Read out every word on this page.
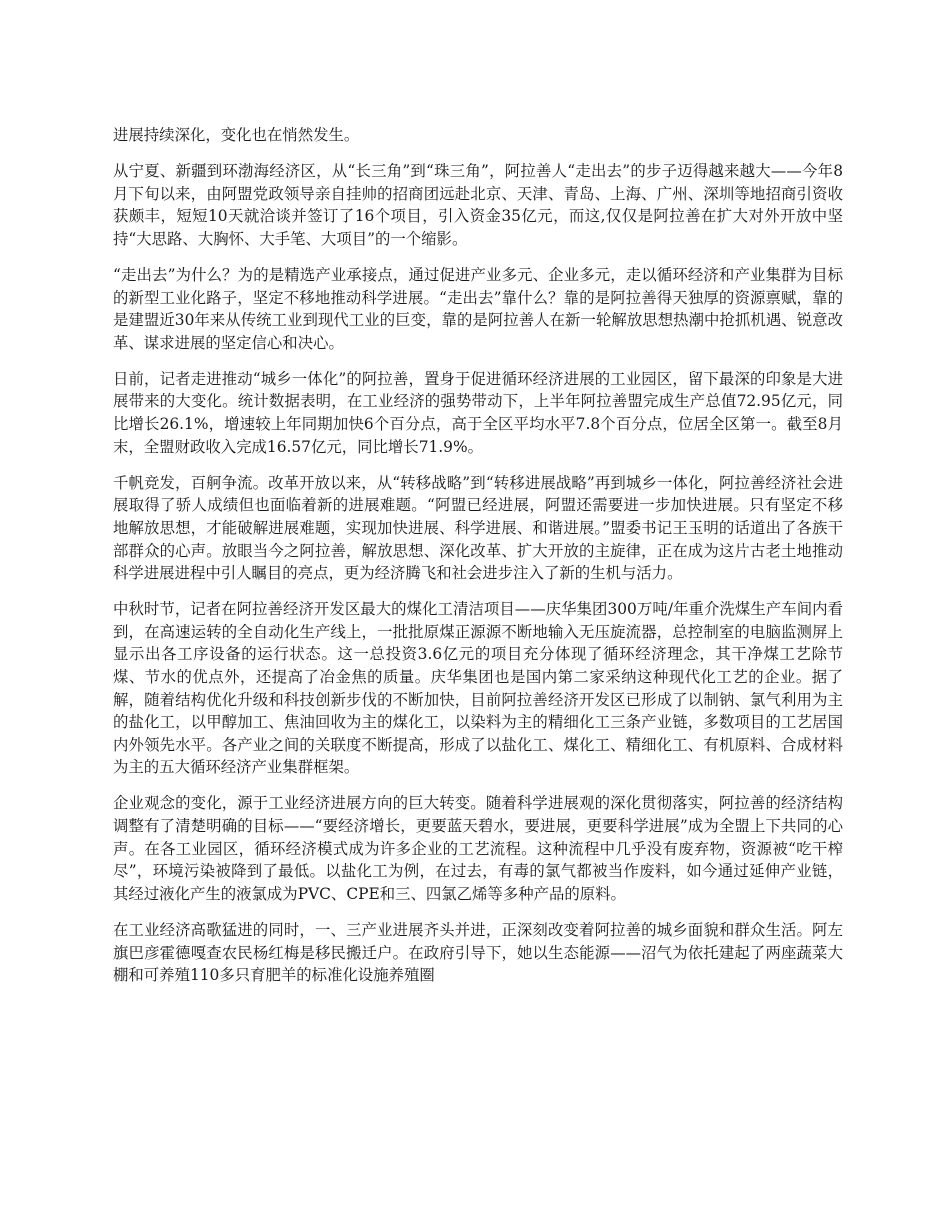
进展持续深化，变化也在悄然发生。

从宁夏、新疆到环渤海经济区，从“长三角”到“珠三角”，阿拉善人“走出去”的步子迈得越来越大——今年8月下旬以来，由阿盟党政领导亲自挂帅的招商团远赴北京、天津、青岛、上海、广州、深圳等地招商引资收获颇丰，短短10天就洽谈并签订了16个项目，引入资金35亿元，而这,仅仅是阿拉善在扩大对外开放中坚持“大思路、大胸怀、大手笔、大项目”的一个缩影。

“走出去”为什么？为的是精选产业承接点，通过促进产业多元、企业多元，走以循环经济和产业集群为目标的新型工业化路子，坚定不移地推动科学进展。“走出去”靠什么？靠的是阿拉善得天独厚的资源禀赋，靠的是建盟近30年来从传统工业到现代工业的巨变，靠的是阿拉善人在新一轮解放思想热潮中抢抓机遇、锐意改革、谋求进展的坚定信心和决心。

日前，记者走进推动“城乡一体化”的阿拉善，置身于促进循环经济进展的工业园区，留下最深的印象是大进展带来的大变化。统计数据表明，在工业经济的强势带动下，上半年阿拉善盟完成生产总值72.95亿元，同比增长26.1%，增速较上年同期加快6个百分点，高于全区平均水平7.8个百分点，位居全区第一。截至8月末，全盟财政收入完成16.57亿元，同比增长71.9%。

千帆竞发，百舸争流。改革开放以来，从“转移战略”到“转移进展战略”再到城乡一体化，阿拉善经济社会进展取得了骄人成绩但也面临着新的进展难题。“阿盟已经进展，阿盟还需要进一步加快进展。只有坚定不移地解放思想，才能破解进展难题，实现加快进展、科学进展、和谐进展。”盟委书记王玉明的话道出了各族干部群众的心声。放眼当今之阿拉善，解放思想、深化改革、扩大开放的主旋律，正在成为这片古老土地推动科学进展进程中引人瞩目的亮点，更为经济腾飞和社会进步注入了新的生机与活力。

中秋时节，记者在阿拉善经济开发区最大的煤化工清洁项目——庆华集团300万吨/年重介洗煤生产车间内看到，在高速运转的全自动化生产线上，一批批原煤正源源不断地输入无压旋流器，总控制室的电脑监测屏上显示出各工序设备的运行状态。这一总投资3.6亿元的项目充分体现了循环经济理念，其干净煤工艺除节煤、节水的优点外，还提高了冶金焦的质量。庆华集团也是国内第二家采纳这种现代化工艺的企业。据了解，随着结构优化升级和科技创新步伐的不断加快，目前阿拉善经济开发区已形成了以制钠、氯气利用为主的盐化工，以甲醇加工、焦油回收为主的煤化工，以染料为主的精细化工三条产业链，多数项目的工艺居国内外领先水平。各产业之间的关联度不断提高，形成了以盐化工、煤化工、精细化工、有机原料、合成材料为主的五大循环经济产业集群框架。

企业观念的变化，源于工业经济进展方向的巨大转变。随着科学进展观的深化贯彻落实，阿拉善的经济结构调整有了清楚明确的目标——“要经济增长，更要蓝天碧水，要进展，更要科学进展”成为全盟上下共同的心声。在各工业园区，循环经济模式成为许多企业的工艺流程。这种流程中几乎没有废弃物，资源被“吃干榨尽”，环境污染被降到了最低。以盐化工为例，在过去，有毒的氯气都被当作废料，如今通过延伸产业链，其经过液化产生的液氯成为PVC、CPE和三、四氯乙烯等多种产品的原料。

在工业经济高歌猛进的同时，一、三产业进展齐头并进，正深刻改变着阿拉善的城乡面貌和群众生活。阿左旗巴彦霍德嘎查农民杨红梅是移民搬迁户。在政府引导下，她以生态能源——沼气为依托建起了两座蔬菜大棚和可养殖110多只育肥羊的标准化设施养殖圈
